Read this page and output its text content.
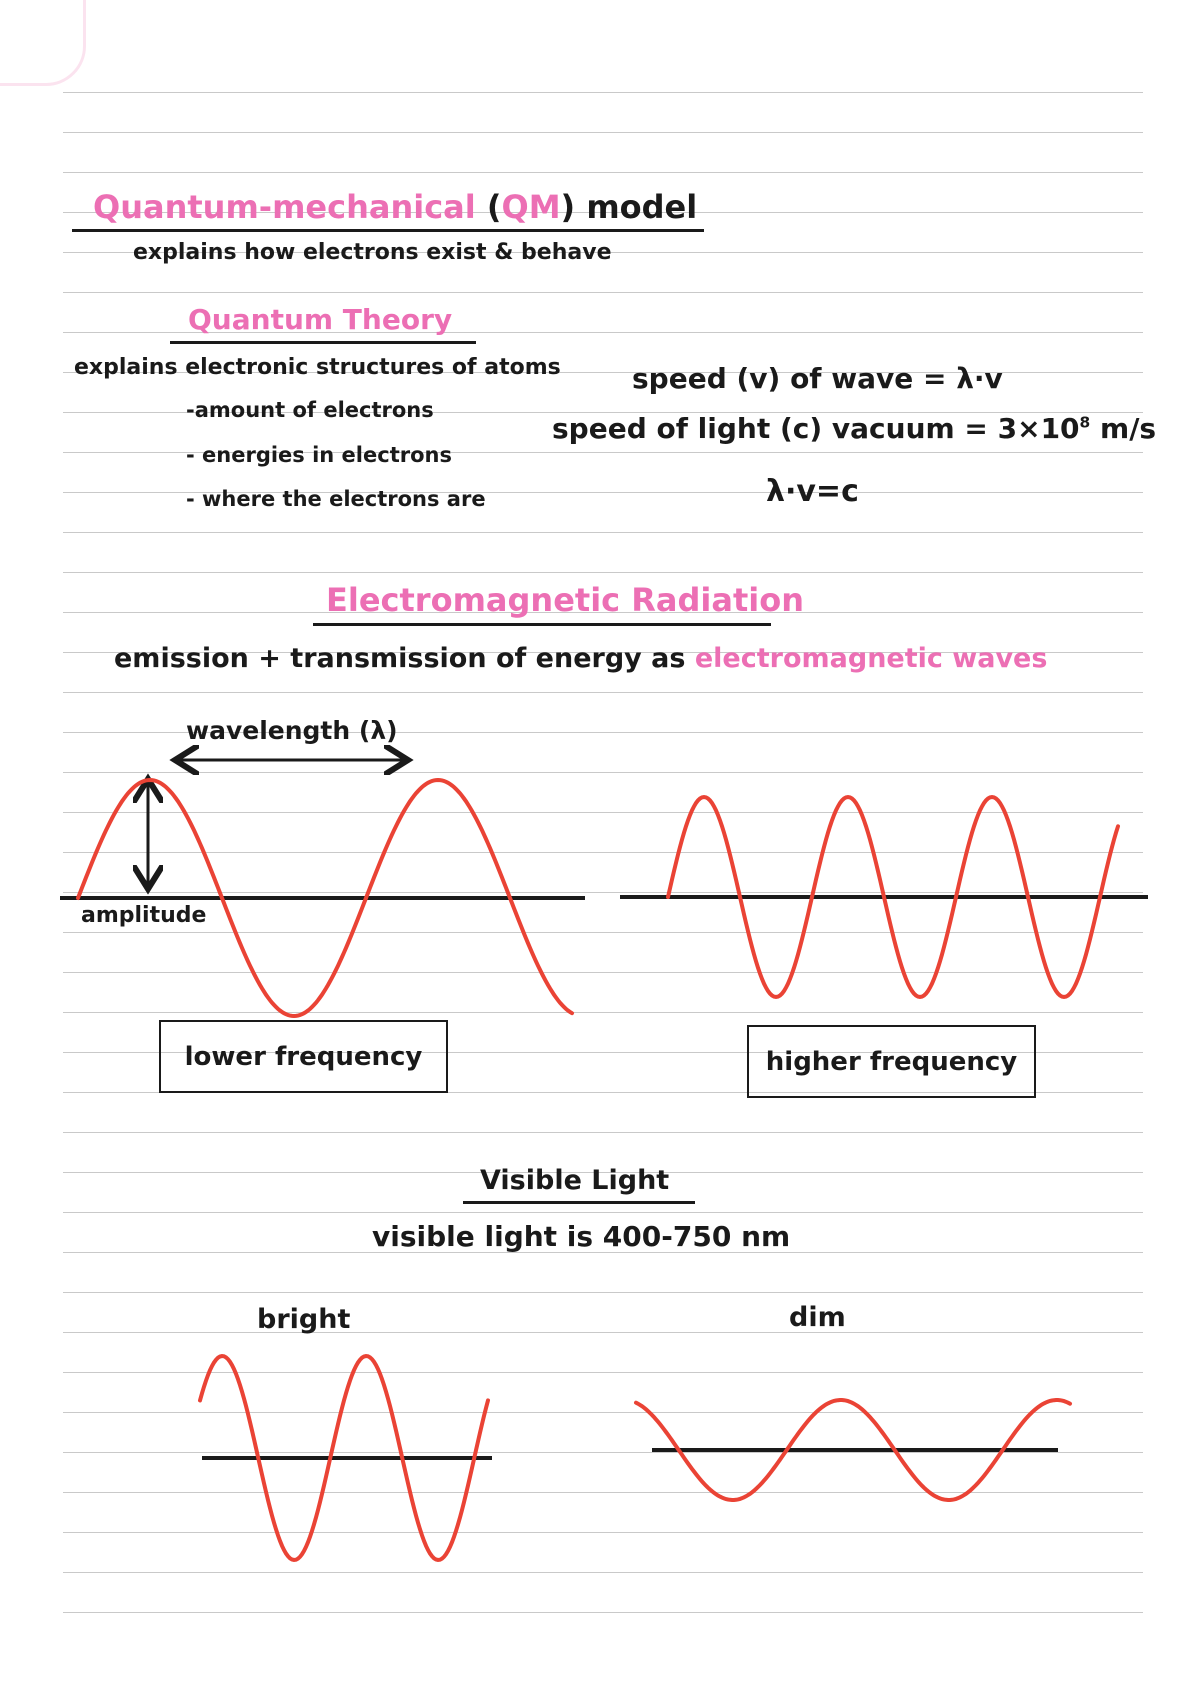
Quantum-mechanical (QM) model
explains how electrons exist & behave
Quantum Theory
explains electronic structures of atoms
-amount of electrons
- energies in electrons
- where the electrons are
speed (v) of wave = λ·v
speed of light (c) vacuum = $3\times 10^8$ m/s
λ·v=c
Electromagnetic Radiation
emission + transmission of energy as electromagnetic waves
wavelength (λ)
amplitude
lower frequency	higher frequency
Visible Light
visible light is 400-750 nm
bright	dim
